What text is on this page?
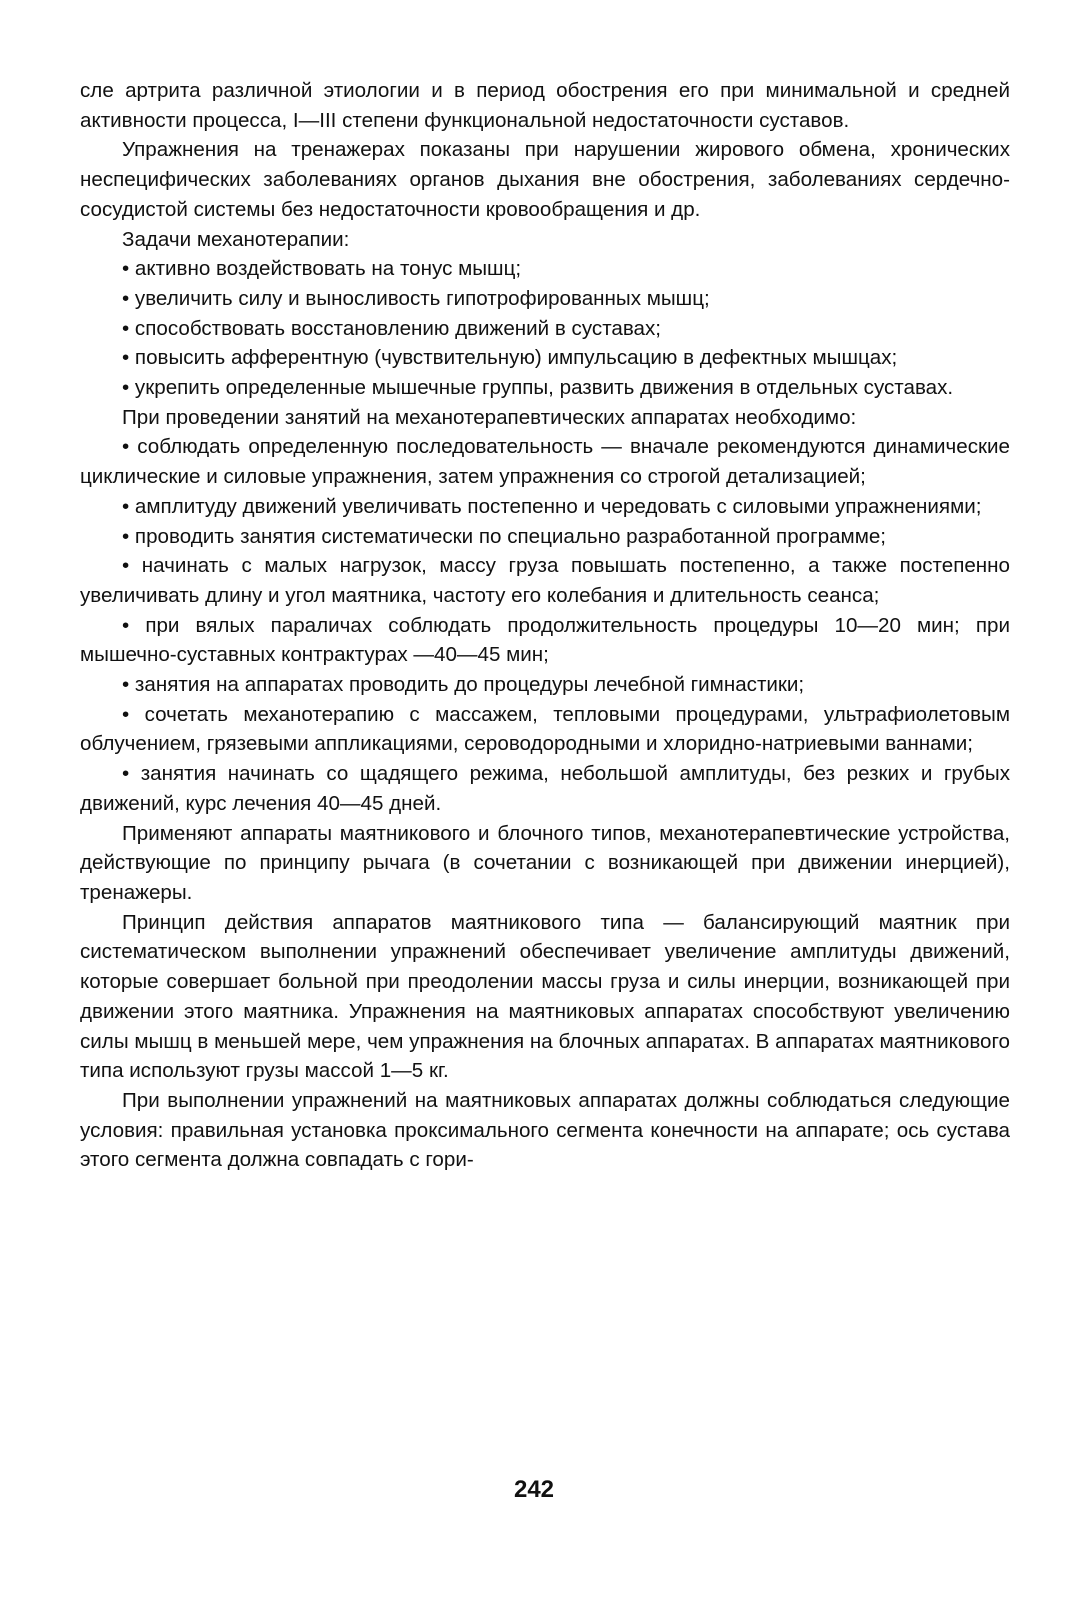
сле артрита различной этиологии и в период обострения его при минимальной и средней активности процесса, I—III степени функциональной недостаточности суставов.

Упражнения на тренажерах показаны при нарушении жирового обмена, хронических неспецифических заболеваниях органов дыхания вне обострения, заболеваниях сердечно-сосудистой системы без недостаточности кровообращения и др.

Задачи механотерапии:

• активно воздействовать на тонус мышц;

• увеличить силу и выносливость гипотрофированных мышц;

• способствовать восстановлению движений в суставах;

• повысить афферентную (чувствительную) импульсацию в дефектных мышцах;

• укрепить определенные мышечные группы, развить движения в отдельных суставах.

При проведении занятий на механотерапевтических аппаратах необходимо:

• соблюдать определенную последовательность — вначале рекомендуются динамические циклические и силовые упражнения, затем упражнения со строгой детализацией;

• амплитуду движений увеличивать постепенно и чередовать с силовыми упражнениями;

• проводить занятия систематически по специально разработанной программе;

• начинать с малых нагрузок, массу груза повышать постепенно, а также постепенно увеличивать длину и угол маятника, частоту его колебания и длительность сеанса;

• при вялых параличах соблюдать продолжительность процедуры 10—20 мин; при мышечно-суставных контрактурах —40—45 мин;

• занятия на аппаратах проводить до процедуры лечебной гимнастики;

• сочетать механотерапию с массажем, тепловыми процедурами, ультрафиолетовым облучением, грязевыми аппликациями, сероводородными и хлоридно-натриевыми ваннами;

• занятия начинать со щадящего режима, небольшой амплитуды, без резких и грубых движений, курс лечения 40—45 дней.

Применяют аппараты маятникового и блочного типов, механотерапевтические устройства, действующие по принципу рычага (в сочетании с возникающей при движении инерцией), тренажеры.

Принцип действия аппаратов маятникового типа — балансирующий маятник при систематическом выполнении упражнений обеспечивает увеличение амплитуды движений, которые совершает больной при преодолении массы груза и силы инерции, возникающей при движении этого маятника. Упражнения на маятниковых аппаратах способствуют увеличению силы мышц в меньшей мере, чем упражнения на блочных аппаратах. В аппаратах маятникового типа используют грузы массой 1—5 кг.

При выполнении упражнений на маятниковых аппаратах должны соблюдаться следующие условия: правильная установка проксимального сегмента конечности на аппарате; ось сустава этого сегмента должна совпадать с гори-

242
